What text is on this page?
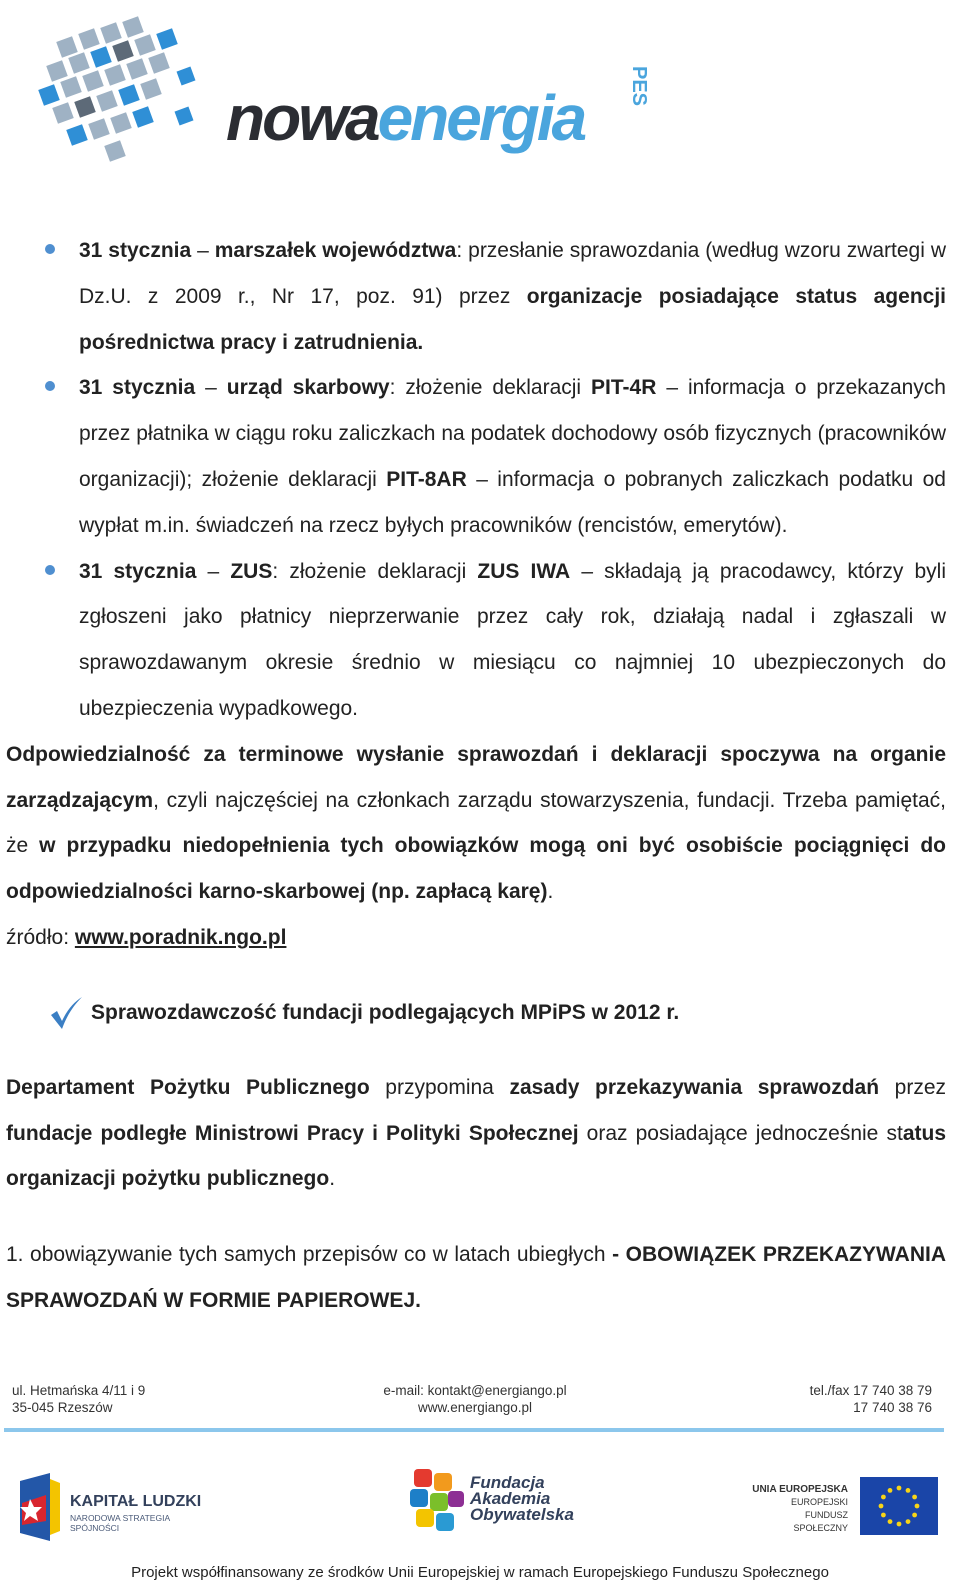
nowa energia PES
31 stycznia – marszałek województwa: przesłanie sprawozdania (według wzoru zwartegi w Dz.U. z 2009 r., Nr 17, poz. 91) przez organizacje posiadające status agencji pośrednictwa pracy i zatrudnienia.
31 stycznia – urząd skarbowy: złożenie deklaracji PIT-4R – informacja o przekazanych przez płatnika w ciągu roku zaliczkach na podatek dochodowy osób fizycznych (pracowników organizacji); złożenie deklaracji PIT-8AR – informacja o pobranych zaliczkach podatku od wypłat m.in. świadczeń na rzecz byłych pracowników (rencistów, emerytów).
31 stycznia – ZUS: złożenie deklaracji ZUS IWA – składają ją pracodawcy, którzy byli zgłoszeni jako płatnicy nieprzerwanie przez cały rok, działają nadal i zgłaszali w sprawozdawanym okresie średnio w miesiącu co najmniej 10 ubezpieczonych do ubezpieczenia wypadkowego.

Odpowiedzialność za terminowe wysłanie sprawozdań i deklaracji spoczywa na organie zarządzającym, czyli najczęściej na członkach zarządu stowarzyszenia, fundacji. Trzeba pamiętać, że w przypadku niedopełnienia tych obowiązków mogą oni być osobiście pociągnięci do odpowiedzialności karno-skarbowej (np. zapłacą karę).

źródło: www.poradnik.ngo.pl

Sprawozdawczość fundacji podlegających MPiPS w 2012 r.

Departament Pożytku Publicznego przypomina zasady przekazywania sprawozdań przez fundacje podległe Ministrowi Pracy i Polityki Społecznej oraz posiadające jednocześnie status organizacji pożytku publicznego.

1. obowiązywanie tych samych przepisów co w latach ubiegłych - OBOWIĄZEK PRZEKAZYWANIA SPRAWOZDAŃ W FORMIE PAPIEROWEJ.

ul. Hetmańska 4/11 i 9
35-045 Rzeszów
e-mail: kontakt@energiango.pl
www.energiango.pl
tel./fax 17 740 38 79
17 740 38 76
KAPITAŁ LUDZKI
NARODOWA STRATEGIA SPÓJNOŚCI
Fundacja
Akademia
Obywatelska
UNIA EUROPEJSKA
EUROPEJSKI
FUNDUSZ SPOŁECZNY
Projekt współfinansowany ze środków Unii Europejskiej w ramach Europejskiego Funduszu Społecznego
